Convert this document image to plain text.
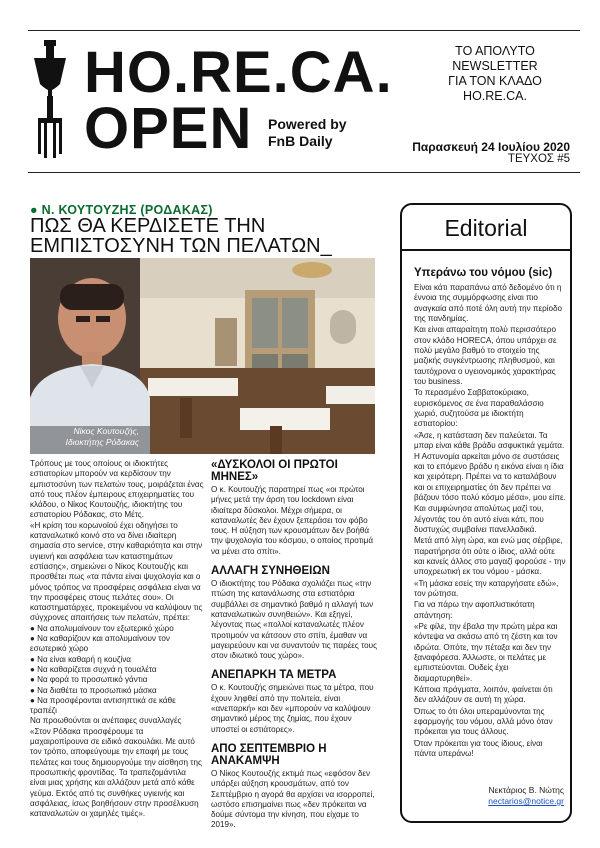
HO.RE.CA.
OPEN Powered by
FnB Daily
ΤΟ ΑΠΟΛΥΤΟ
NEWSLETTER
ΓΙΑ ΤΟΝ ΚΛΑΔΟ
HO.RE.CA.
Παρασκευή 24 Ιουλίου 2020
ΤΕΥΧΟΣ #5
● Ν. ΚΟΥΤΟΥΖΗΣ (ΡΟΔΑΚΑΣ)
ΠΩΣ ΘΑ ΚΕΡΔΙΣΕΤΕ ΤΗΝ ΕΜΠΙΣΤΟΣΥΝΗ ΤΩΝ ΠΕΛΑΤΩΝ_
Νίκος Κουτουζής,
Ιδιοκτήτης Ρόδακας

Τρόπους με τους οποίους οι ιδιοκτήτες εστιατορίων μπορούν να κερδίσουν την εμπιστοσύνη των πελατών τους, μοιράζεται ένας από τους πλέον έμπειρους επιχειρηματίες του κλάδου, ο Νίκος Κουτουζής, ιδιοκτήτης του εστιατορίου Ρόδακας, στο Μέτς.

«Η κρίση του κορωνοϊού έχει οδηγήσει το καταναλωτικό κοινό στο να δίνει ιδιαίτερη σημασία στο service, στην καθαριότητα και στην υγιεινή και ασφάλεια των καταστημάτων εστίασης», σημειώνει ο Νίκος Κουτουζής και προσθέτει πως «τα πάντα είναι ψυχολογία και ο μόνος τρόπος να προσφέρεις ασφάλεια είναι να την προσφέρεις στους πελάτες σου». Οι καταστηματάρχες, προκειμένου να καλύψουν τις σύγχρονες απαιτήσεις των πελατών, πρέπει:

● Να απολυμαίνουν τον εξωτερικό χώρο
● Να καθαρίζουν και απολυμαίνουν τον εσωτερικό χώρο
● Να είναι καθαρή η κουζίνα
● Να καθαρίζεται συχνά η τουαλέτα
● Να φορά το προσωπικό γάντια
● Να διαθέτει το προσωπικό μάσκα
● Να προσφέρονται αντισηπτικά σε κάθε τραπέζι

Να προωθούνται οι ανέπαφες συναλλαγές

«Στον Ρόδακα προσφέρουμε τα μαχαιροπίρουνα σε ειδικό σακουλάκι. Με αυτό τον τρόπο, αποφεύγουμε την επαφή με τους πελάτες και τους δημιουργούμε την αίσθηση της προσωπικής φροντίδας. Τα τραπεζομάντιλα είναι μιας χρήσης και αλλάζουν μετά από κάθε γεύμα. Εκτός από τις συνθήκες υγιεινής και ασφάλειας, ίσως βοηθήσουν στην προσέλκυση καταναλωτών οι χαμηλές τιμές».

«ΔΥΣΚΟΛΟΙ ΟΙ ΠΡΩΤΟΙ ΜΗΝΕΣ»

Ο κ. Κουτουζής παρατηρεί πως «οι πρώτοι μήνες μετά την άρση του lockdown είναι ιδιαίτερα δύσκολοι. Μέχρι σήμερα, οι καταναλωτές δεν έχουν ξεπεράσει τον φόβο τους. Η αύξηση των κρουσμάτων δεν βοήθά την ψυχολογία του κόσμου, ο οποίος προτιμά να μένει στο σπίτι».

ΑΛΛΑΓΗ ΣΥΝΗΘΕΙΩΝ

Ο ιδιοκτήτης του Ρόδακα σχολιάζει πως «την πτώση της κατανάλωσης στα εστιατόρια συμβάλλει σε σημαντικό βαθμό η αλλαγή των καταναλωτικών συνηθειών». Και εξηγεί, λέγοντας πως «πολλοί καταναλωτές πλέον προτιμούν να κάτσουν στο σπίτι, έμαθαν να μαγειρεύουν και να συναντούν τις παρέες τους στον ιδιωτικό τους χώρο».

ΑΝΕΠΑΡΚΗ ΤΑ ΜΕΤΡΑ

Ο κ. Κουτουζής σημειώνει πως τα μέτρα, που έχουν ληφθεί από την πολιτεία, είναι «ανεπαρκή» και δεν «μπορούν να καλύψουν σημαντικό μέρος της ζημίας, που έχουν υποστεί οι εστιάτορες».

ΑΠΟ ΣΕΠΤΕΜΒΡΙΟ Η ΑΝΑΚΑΜΨΗ

Ο Νίκος Κουτουζής εκτιμά πως «εφόσον δεν υπάρξει αύξηση κρουσμάτων, από τον Σεπτέμβριο η αγορά θα αρχίσει να ισορροπεί, ωστόσο επισημαίνει πως «δεν πρόκειται να δούμε σύντομα την κίνηση, που είχαμε το 2019».

Editorial
Υπεράνω του νόμου (sic)

Είναι κάτι παραπάνω από δεδομένο ότι η έννοια της συμμόρφωσης είναι πιο αναγκαία από ποτέ όλη αυτή την περίοδο της πανδημίας.

Και είναι απαραίτητη πολύ περισσότερο στον κλάδο HORECA, όπου υπάρχει σε πολύ μεγάλο βαθμό το στοιχείο της μαζικής συγκέντρωσης πληθυσμού, και ταυτόχρονα ο υγειονομικός χαρακτήρας του business.

Το περασμένο Σαββατοκύριακο, ευρισκόμενος σε ένα παραθαλάσσιο χωριό, συζητούσα με ιδιοκτήτη εστιατορίου:

«Άσε, η κατάσταση δεν παλεύεται. Τα μπαρ είναι κάθε βράδυ ασφυκτικά γεμάτα. Η Αστυνομία αρκείται μόνο σε συστάσεις και το επόμενο βράδυ η εικόνα είναι η ίδια και χειρότερη. Πρέπει να το καταλάβουν και οι επιχειρηματίες ότι δεν πρέπει να βάζουν τόσο πολύ κόσμο μέσα», μου είπε.

Και συμφώνησα απολύτως μαζί του, λέγοντάς του ότι αυτό είναι κάτι, που δυστυχώς συμβαίνει πανελλαδικά.

Μετά από λίγη ώρα, και ενώ μας σέρβιρε, παρατήρησα ότι ούτε ο ίδιος, αλλά ούτε και κανείς άλλος στο μαγαζί φορούσε - την υποχρεωτική εκ του νόμου - μάσκα.

«Τη μάσκα εσείς την καταργήσατε εδώ», τον ρώτησα.

Για να πάρω την αφοπλιστικότατη απάντηση:

«Ρε φίλε, την έβαλα την πρώτη μέρα και κόντεψα να σκάσω από τη ζέστη και τον ιδρώτα. Οπότε, την πέταξα και δεν την ξαναφόρεσα. Άλλωστε, οι πελάτες με εμπιστεύονται. Ουδείς έχει διαμαρτυρηθεί».

Κάποια πράγματα, λοιπόν, φαίνεται ότι δεν αλλάζουν σε αυτή τη χώρα.

Όπως το ότι όλοι υπεραμύνονται της εφαρμογής του νόμου, αλλά μόνο όταν πρόκειται για τους άλλους.

Όταν πρόκειται για τους ίδιους, είναι πάντα υπεράνω!

Νεκτάριος Β. Νώτης
nectarios@notice.gr
